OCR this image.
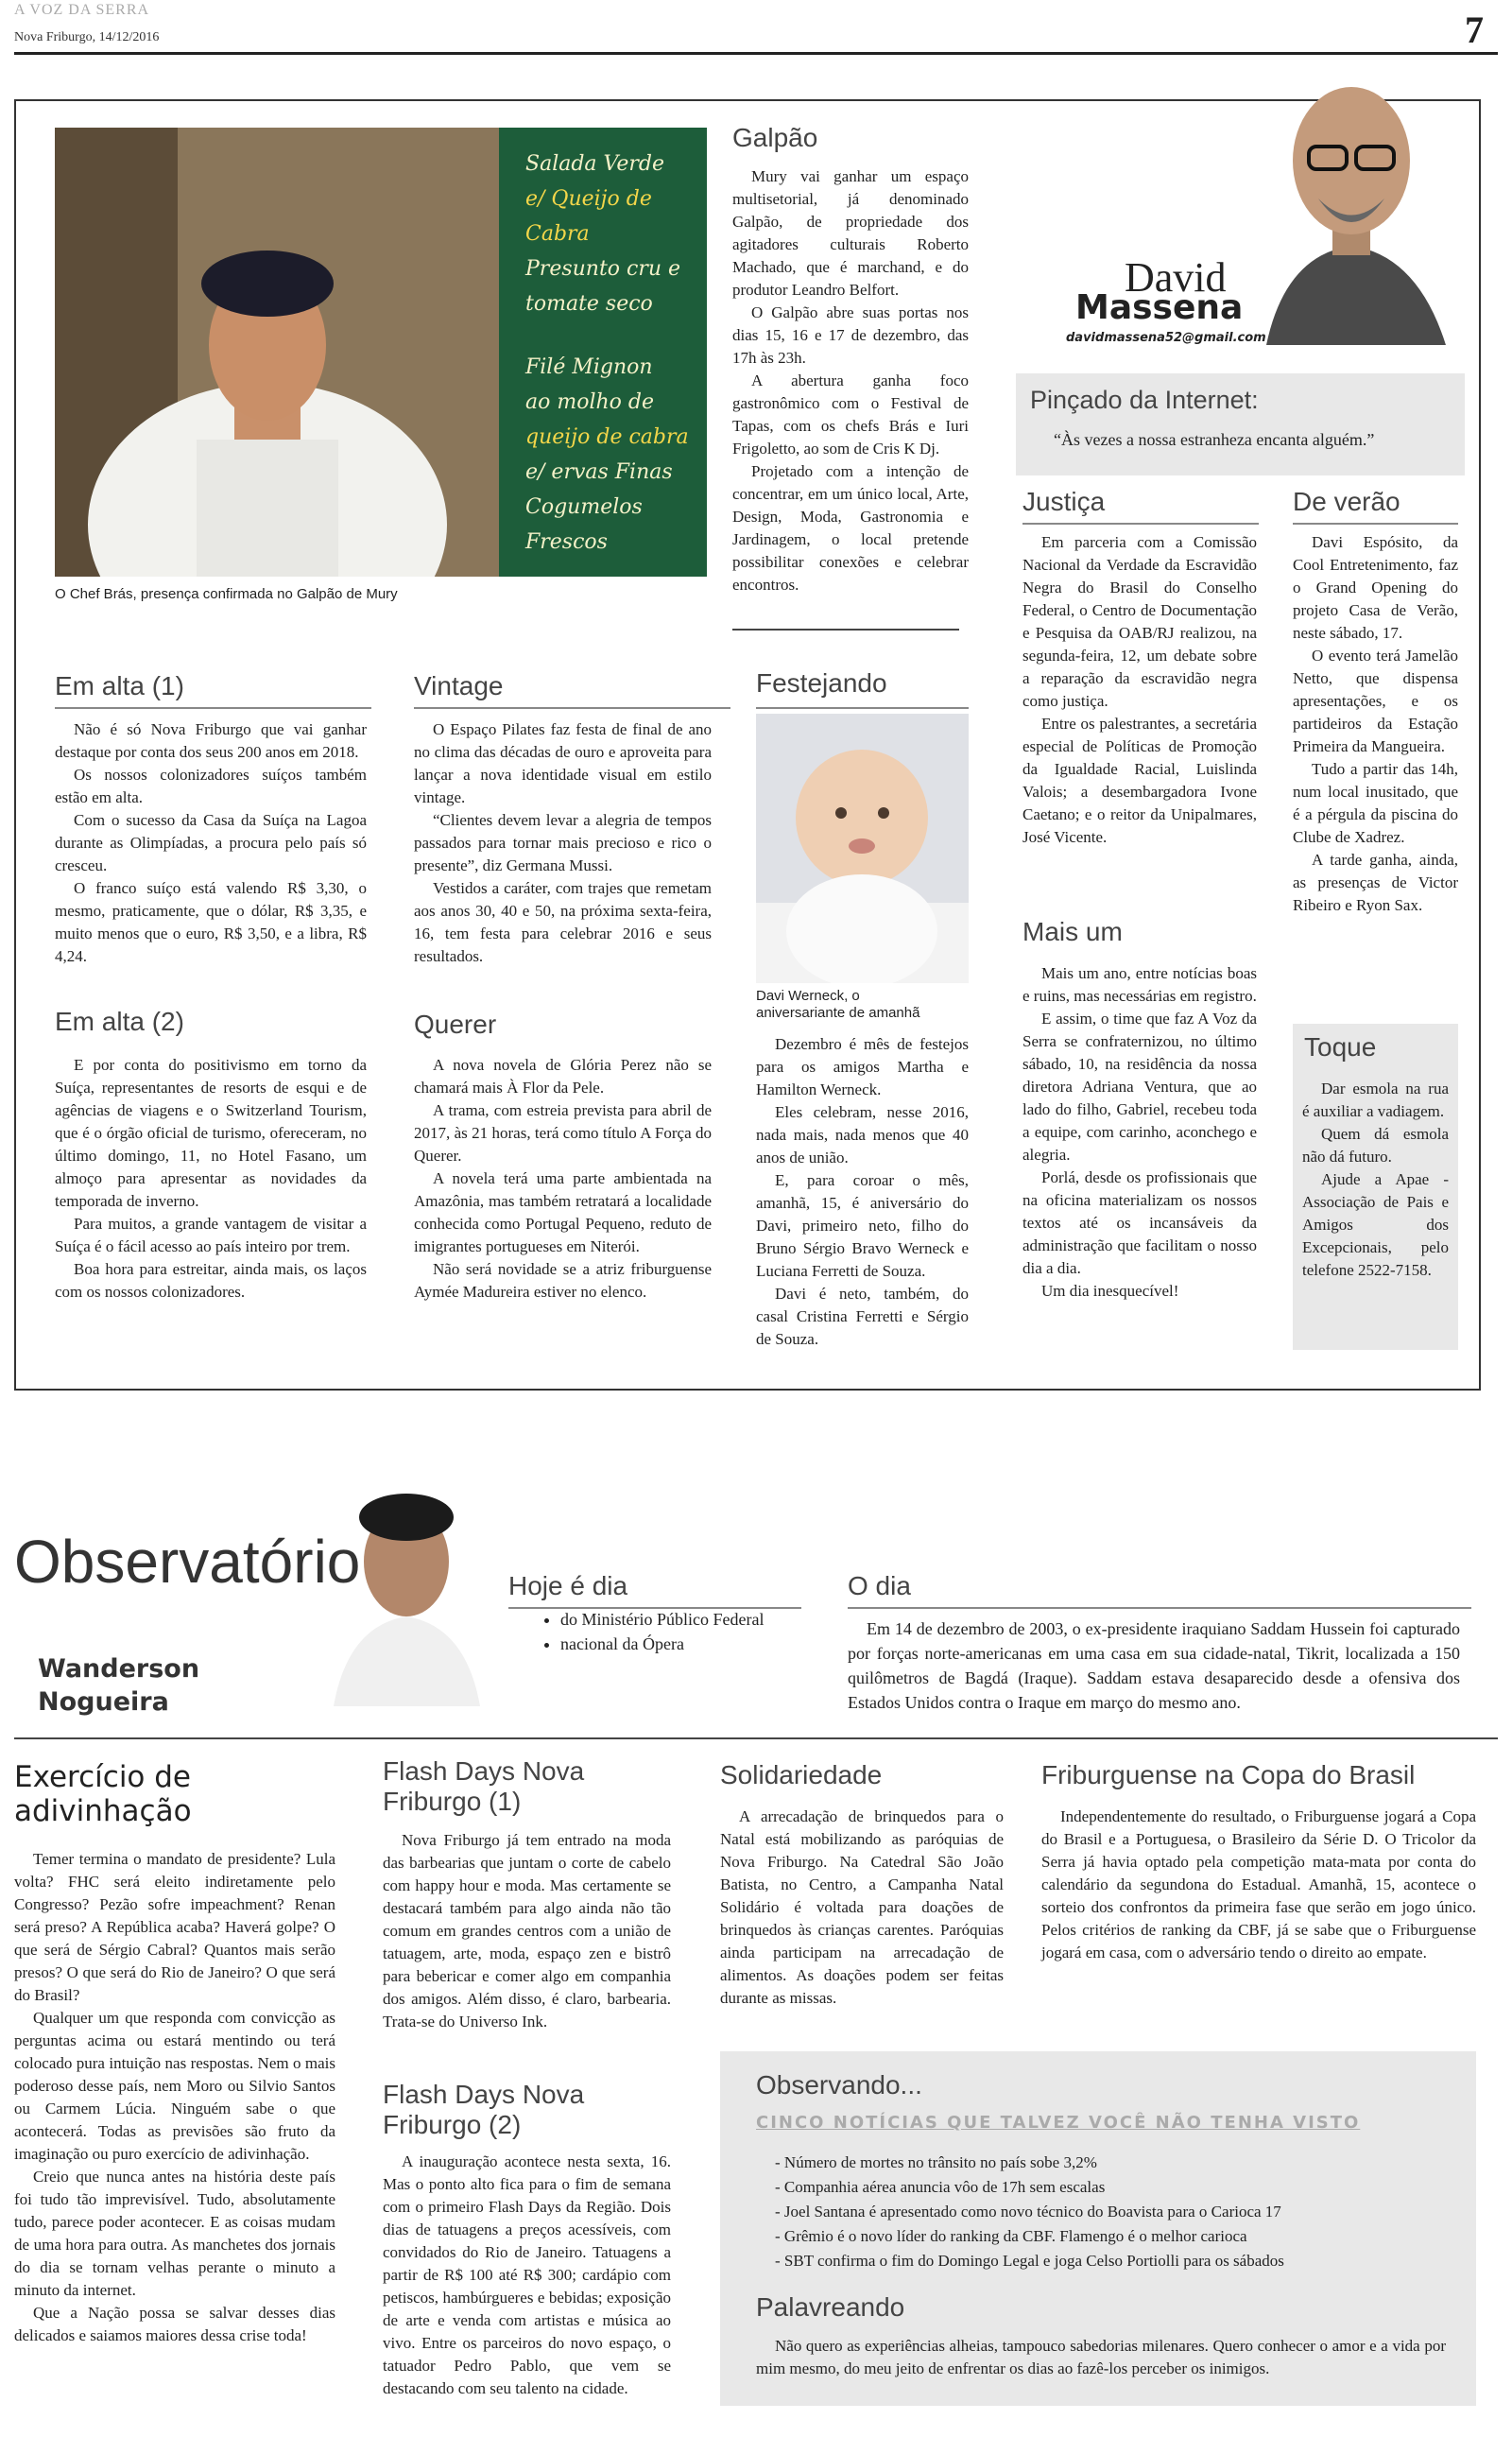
A VOZ DA SERRA
Nova Friburgo, 14/12/2016	7
Salada Verde
e/ Queijo de Cabra
Presunto cru e
tomate seco
Filé Mignon
ao molho de
queijo de cabra
e/ ervas Finas
Cogumelos Frescos
O Chef Brás, presença confirmada no Galpão de Mury
Galpão

Mury vai ganhar um espaço multisetorial, já denominado Galpão, de propriedade dos agitadores culturais Roberto Machado, que é marchand, e do produtor Leandro Belfort.

O Galpão abre suas portas nos dias 15, 16 e 17 de dezembro, das 17h às 23h.

A abertura ganha foco gastronômico com o Festival de Tapas, com os chefs Brás e Iuri Frigoletto, ao som de Cris K Dj.

Projetado com a intenção de concentrar, em um único local, Arte, Design, Moda, Gastronomia e Jardinagem, o local pretende possibilitar conexões e celebrar encontros.

David
Massena
davidmassena52@gmail.com
Pinçado da Internet:
“Às vezes a nossa estranheza encanta alguém.”
Em alta (1)

Não é só Nova Friburgo que vai ganhar destaque por conta dos seus 200 anos em 2018.

Os nossos colonizadores suíços também estão em alta.

Com o sucesso da Casa da Suíça na Lagoa durante as Olimpíadas, a procura pelo país só cresceu.

O franco suíço está valendo R$ 3,30, o mesmo, praticamente, que o dólar, R$ 3,35, e muito menos que o euro, R$ 3,50, e a libra, R$ 4,24.

Em alta (2)

E por conta do positivismo em torno da Suíça, representantes de resorts de esqui e de agências de viagens e o Switzerland Tourism, que é o órgão oficial de turismo, ofereceram, no último domingo, 11, no Hotel Fasano, um almoço para apresentar as novidades da temporada de inverno.

Para muitos, a grande vantagem de visitar a Suíça é o fácil acesso ao país inteiro por trem.

Boa hora para estreitar, ainda mais, os laços com os nossos colonizadores.

Vintage

O Espaço Pilates faz festa de final de ano no clima das décadas de ouro e aproveita para lançar a nova identidade visual em estilo vintage.

“Clientes devem levar a alegria de tempos passados para tornar mais precioso e rico o presente”, diz Germana Mussi.

Vestidos a caráter, com trajes que remetam aos anos 30, 40 e 50, na próxima sexta-feira, 16, tem festa para celebrar 2016 e seus resultados.

Querer

A nova novela de Glória Perez não se chamará mais À Flor da Pele.

A trama, com estreia prevista para abril de 2017, às 21 horas, terá como título A Força do Querer.

A novela terá uma parte ambientada na Amazônia, mas também retratará a localidade conhecida como Portugal Pequeno, reduto de imigrantes portugueses em Niterói.

Não será novidade se a atriz friburguense Aymée Madureira estiver no elenco.

Festejando
Davi Werneck, o aniversariante de amanhã

Dezembro é mês de festejos para os amigos Martha e Hamilton Werneck.

Eles celebram, nesse 2016, nada mais, nada menos que 40 anos de união.

E, para coroar o mês, amanhã, 15, é aniversário do Davi, primeiro neto, filho do Bruno Sérgio Bravo Werneck e Luciana Ferretti de Souza.

Davi é neto, também, do casal Cristina Ferretti e Sérgio de Souza.

Justiça

Em parceria com a Comissão Nacional da Verdade da Escravidão Negra do Brasil do Conselho Federal, o Centro de Documentação e Pesquisa da OAB/RJ realizou, na segunda-feira, 12, um debate sobre a reparação da escravidão negra como justiça.

Entre os palestrantes, a secretária especial de Políticas de Promoção da Igualdade Racial, Luislinda Valois; a desembargadora Ivone Caetano; e o reitor da Unipalmares, José Vicente.

Mais um

Mais um ano, entre notícias boas e ruins, mas necessárias em registro.

E assim, o time que faz A Voz da Serra se confraternizou, no último sábado, 10, na residência da nossa diretora Adriana Ventura, que ao lado do filho, Gabriel, recebeu toda a equipe, com carinho, aconchego e alegria.

Porlá, desde os profissionais que na oficina materializam os nossos textos até os incansáveis da administração que facilitam o nosso dia a dia.

Um dia inesquecível!

De verão

Davi Espósito, da Cool Entretenimento, faz o Grand Opening do projeto Casa de Verão, neste sábado, 17.

O evento terá Jamelão Netto, que dispensa apresentações, e os partideiros da Estação Primeira da Mangueira.

Tudo a partir das 14h, num local inusitado, que é a pérgula da piscina do Clube de Xadrez.

A tarde ganha, ainda, as presenças de Victor Ribeiro e Ryon Sax.

Toque

Dar esmola na rua é auxiliar a vadiagem.

Quem dá esmola não dá futuro.

Ajude a Apae - Associação de Pais e Amigos dos Excepcionais, pelo telefone 2522-7158.

Observatório
Wanderson
Nogueira
Hoje é dia
• do Ministério Público Federal
• nacional da Ópera
O dia

Em 14 de dezembro de 2003, o ex-presidente iraquiano Saddam Hussein foi capturado por forças norte-americanas em uma casa em sua cidade-natal, Tikrit, localizada a 150 quilômetros de Bagdá (Iraque). Saddam estava desaparecido desde a ofensiva dos Estados Unidos contra o Iraque em março do mesmo ano.

Exercício de adivinhação

Temer termina o mandato de presidente? Lula volta? FHC será eleito indiretamente pelo Congresso? Pezão sofre impeachment? Renan será preso? A República acaba? Haverá golpe? O que será de Sérgio Cabral? Quantos mais serão presos? O que será do Rio de Janeiro? O que será do Brasil?

Qualquer um que responda com convicção as perguntas acima ou estará mentindo ou terá colocado pura intuição nas respostas. Nem o mais poderoso desse país, nem Moro ou Silvio Santos ou Carmem Lúcia. Ninguém sabe o que acontecerá. Todas as previsões são fruto da imaginação ou puro exercício de adivinhação.

Creio que nunca antes na história deste país foi tudo tão imprevisível. Tudo, absolutamente tudo, parece poder acontecer. E as coisas mudam de uma hora para outra. As manchetes dos jornais do dia se tornam velhas perante o minuto a minuto da internet.

Que a Nação possa se salvar desses dias delicados e saiamos maiores dessa crise toda!

Flash Days Nova Friburgo (1)

Nova Friburgo já tem entrado na moda das barbearias que juntam o corte de cabelo com happy hour e moda. Mas certamente se destacará também para algo ainda não tão comum em grandes centros com a união de tatuagem, arte, moda, espaço zen e bistrô para bebericar e comer algo em companhia dos amigos. Além disso, é claro, barbearia. Trata-se do Universo Ink.

Flash Days Nova Friburgo (2)

A inauguração acontece nesta sexta, 16. Mas o ponto alto fica para o fim de semana com o primeiro Flash Days da Região. Dois dias de tatuagens a preços acessíveis, com convidados do Rio de Janeiro. Tatuagens a partir de R$ 100 até R$ 300; cardápio com petiscos, hambúrgueres e bebidas; exposição de arte e venda com artistas e música ao vivo. Entre os parceiros do novo espaço, o tatuador Pedro Pablo, que vem se destacando com seu talento na cidade.

Solidariedade

A arrecadação de brinquedos para o Natal está mobilizando as paróquias de Nova Friburgo. Na Catedral São João Batista, no Centro, a Campanha Natal Solidário é voltada para doações de brinquedos às crianças carentes. Paróquias ainda participam na arrecadação de alimentos. As doações podem ser feitas durante as missas.

Friburguense na Copa do Brasil

Independentemente do resultado, o Friburguense jogará a Copa do Brasil e a Portuguesa, o Brasileiro da Série D. O Tricolor da Serra já havia optado pela competição mata-mata por conta do calendário da segundona do Estadual. Amanhã, 15, acontece o sorteio dos confrontos da primeira fase que serão em jogo único. Pelos critérios de ranking da CBF, já se sabe que o Friburguense jogará em casa, com o adversário tendo o direito ao empate.

Observando...
CINCO NOTÍCIAS QUE TALVEZ VOCÊ NÃO TENHA VISTO
- Número de mortes no trânsito no país sobe 3,2%
- Companhia aérea anuncia vôo de 17h sem escalas
- Joel Santana é apresentado como novo técnico do Boavista para o Carioca 17
- Grêmio é o novo líder do ranking da CBF. Flamengo é o melhor carioca
- SBT confirma o fim do Domingo Legal e joga Celso Portiolli para os sábados
Palavreando

Não quero as experiências alheias, tampouco sabedorias milenares. Quero conhecer o amor e a vida por mim mesmo, do meu jeito de enfrentar os dias ao fazê-los perceber os inimigos.
